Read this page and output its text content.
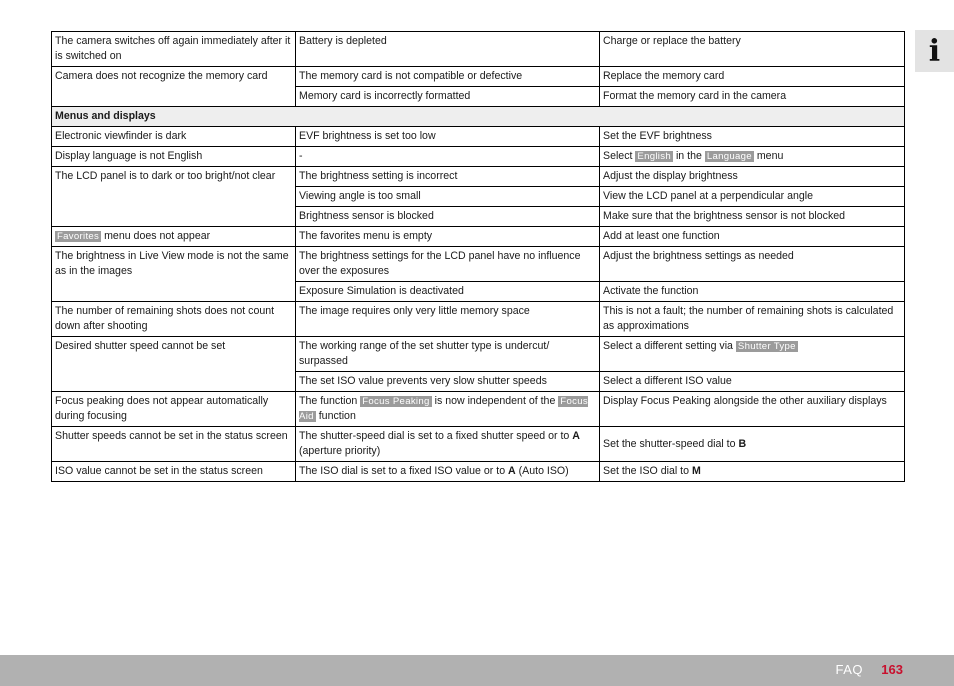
The camera switches off again immediately after it is switched on	Battery is depleted	Charge or replace the battery
Camera does not recognize the memory card	The memory card is not compatible or defective	Replace the memory card
	Memory card is incorrectly formatted	Format the memory card in the camera
Menus and displays		
Electronic viewfinder is dark	EVF brightness is set too low	Set the EVF brightness
Display language is not English	-	Select English in the Language menu
The LCD panel is to dark or too bright/not clear	The brightness setting is incorrect	Adjust the display brightness
	Viewing angle is too small	View the LCD panel at a perpendicular angle
	Brightness sensor is blocked	Make sure that the brightness sensor is not blocked
Favorites menu does not appear	The favorites menu is empty	Add at least one function
The brightness in Live View mode is not the same as in the images	The brightness settings for the LCD panel have no influence over the exposures	Adjust the brightness settings as needed
	Exposure Simulation is deactivated	Activate the function
The number of remaining shots does not count down after shooting	The image requires only very little memory space	This is not a fault; the number of remaining shots is calculated as approximations
Desired shutter speed cannot be set	The working range of the set shutter type is undercut/ surpassed	Select a different setting via Shutter Type
	The set ISO value prevents very slow shutter speeds	Select a different ISO value
Focus peaking does not appear automatically during focusing	The function Focus Peaking is now independent of the Focus Aid function	Display Focus Peaking alongside the other auxiliary displays
Shutter speeds cannot be set in the status screen	The shutter-speed dial is set to a fixed shutter speed or to A (aperture priority)	Set the shutter-speed dial to B
ISO value cannot be set in the status screen	The ISO dial is set to a fixed ISO value or to A (Auto ISO)	Set the ISO dial to M
i
FAQ 163
